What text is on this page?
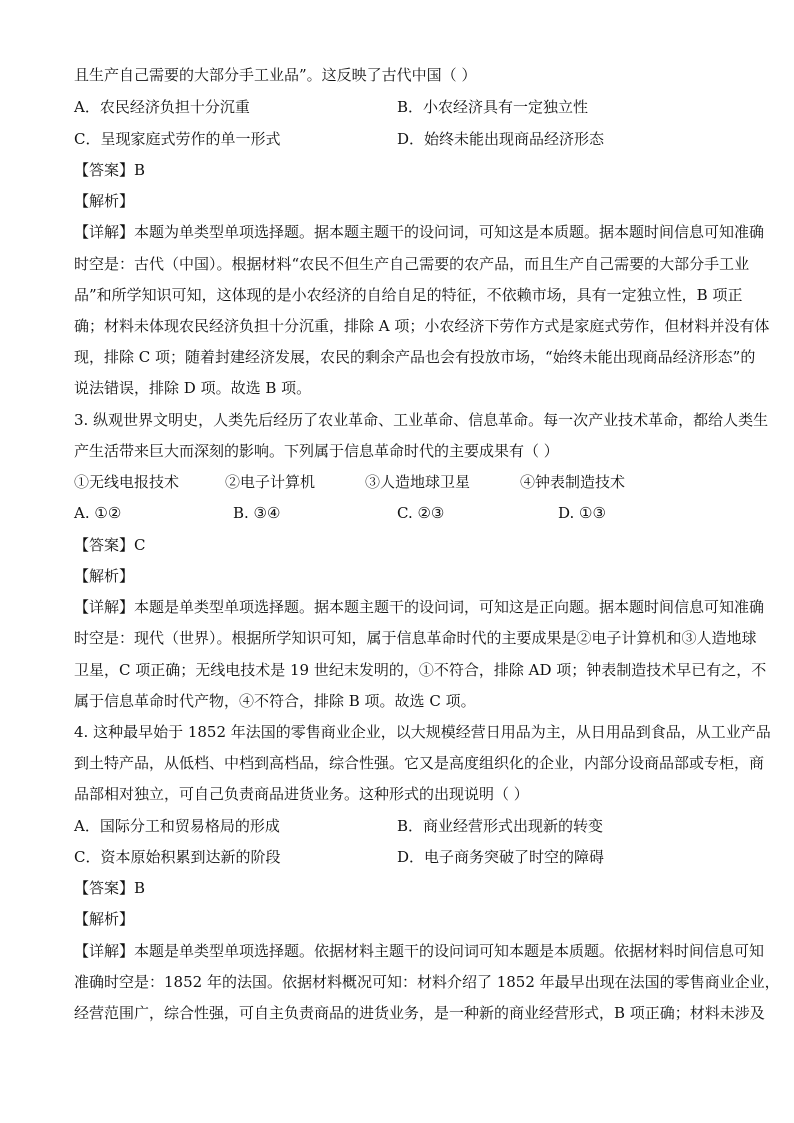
且生产自己需要的大部分手工业品”。这反映了古代中国（ ）
A．农民经济负担十分沉重	B．小农经济具有一定独立性
C．呈现家庭式劳作的单一形式	D．始终未能出现商品经济形态
【答案】B
【解析】
【详解】本题为单类型单项选择题。据本题主题干的设问词，可知这是本质题。据本题时间信息可知准确
时空是：古代（中国）。根据材料“农民不但生产自己需要的农产品，而且生产自己需要的大部分手工业
品”和所学知识可知，这体现的是小农经济的自给自足的特征，不依赖市场，具有一定独立性，B 项正
确；材料未体现农民经济负担十分沉重，排除 A 项；小农经济下劳作方式是家庭式劳作，但材料并没有体
现，排除 C 项；随着封建经济发展，农民的剩余产品也会有投放市场，“始终未能出现商品经济形态”的
说法错误，排除 D 项。故选 B 项。
3. 纵观世界文明史，人类先后经历了农业革命、工业革命、信息革命。每一次产业技术革命，都给人类生
产生活带来巨大而深刻的影响。下列属于信息革命时代的主要成果有（ ）
①无线电报技术	②电子计算机	③人造地球卫星	④钟表制造技术
A. ①②	B. ③④	C. ②③	D. ①③
【答案】C
【解析】
【详解】本题是单类型单项选择题。据本题主题干的设问词，可知这是正向题。据本题时间信息可知准确
时空是：现代（世界）。根据所学知识可知，属于信息革命时代的主要成果是②电子计算机和③人造地球
卫星，C 项正确；无线电技术是 19 世纪末发明的，①不符合，排除 AD 项；钟表制造技术早已有之，不
属于信息革命时代产物，④不符合，排除 B 项。故选 C 项。
4. 这种最早始于 1852 年法国的零售商业企业，以大规模经营日用品为主，从日用品到食品，从工业产品
到土特产品，从低档、中档到高档品，综合性强。它又是高度组织化的企业，内部分设商品部或专柜，商
品部相对独立，可自己负责商品进货业务。这种形式的出现说明（ ）
A．国际分工和贸易格局的形成	B．商业经营形式出现新的转变
C．资本原始积累到达新的阶段	D．电子商务突破了时空的障碍
【答案】B
【解析】
【详解】本题是单类型单项选择题。依据材料主题干的设问词可知本题是本质题。依据材料时间信息可知
准确时空是：1852 年的法国。依据材料概况可知：材料介绍了 1852 年最早出现在法国的零售商业企业，
经营范围广，综合性强，可自主负责商品的进货业务，是一种新的商业经营形式，B 项正确；材料未涉及
